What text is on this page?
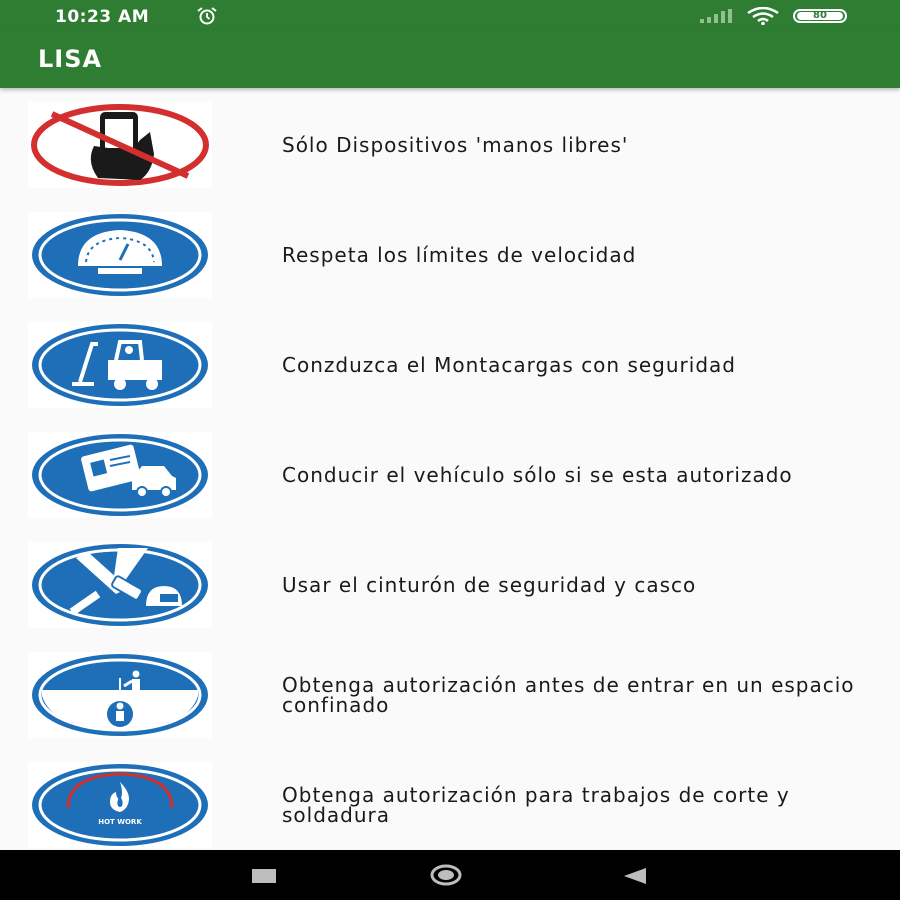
10:23 AM	80
LISA
Sólo Dispositivos 'manos libres'
Respeta los límites de velocidad
Conzduzca el Montacargas con seguridad
Conducir el vehículo sólo si se esta autorizado
Usar el cinturón de seguridad y casco
Obtenga autorización antes de entrar en un espacio confinado
HOT WORK
Obtenga autorización para trabajos de corte y soldadura
